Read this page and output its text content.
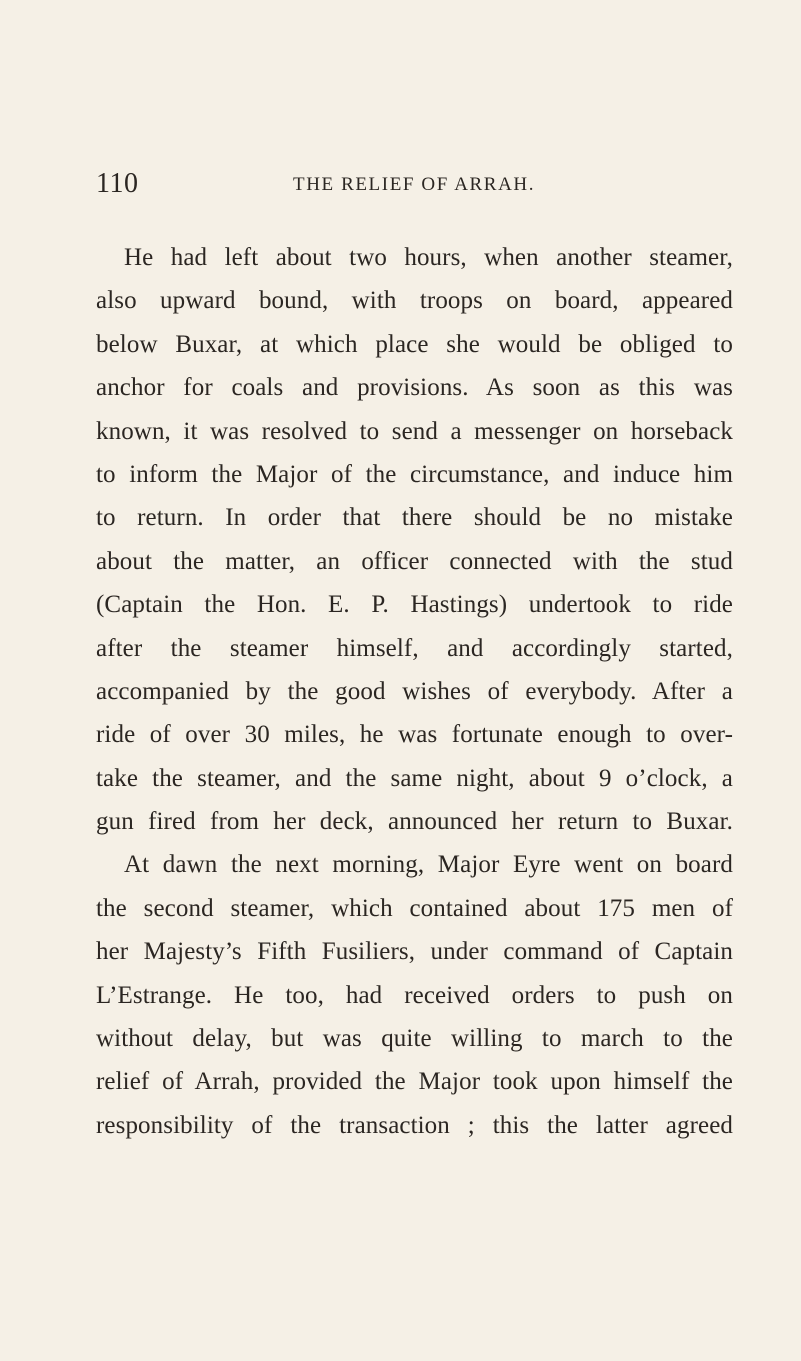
110	THE RELIEF OF ARRAH.
He had left about two hours, when another steamer,
also upward bound, with troops on board, appeared
below Buxar, at which place she would be obliged to
anchor for coals and provisions. As soon as this was
known, it was resolved to send a messenger on horseback
to inform the Major of the circumstance, and induce him
to return. In order that there should be no mistake
about the matter, an officer connected with the stud
(Captain the Hon. E. P. Hastings) undertook to ride
after the steamer himself, and accordingly started,
accompanied by the good wishes of everybody. After a
ride of over 30 miles, he was fortunate enough to over-
take the steamer, and the same night, about 9 o’clock, a
gun fired from her deck, announced her return to Buxar.
At dawn the next morning, Major Eyre went on board
the second steamer, which contained about 175 men of
her Majesty’s Fifth Fusiliers, under command of Captain
L’Estrange. He too, had received orders to push on
without delay, but was quite willing to march to the
relief of Arrah, provided the Major took upon himself the
responsibility of the transaction ; this the latter agreed
